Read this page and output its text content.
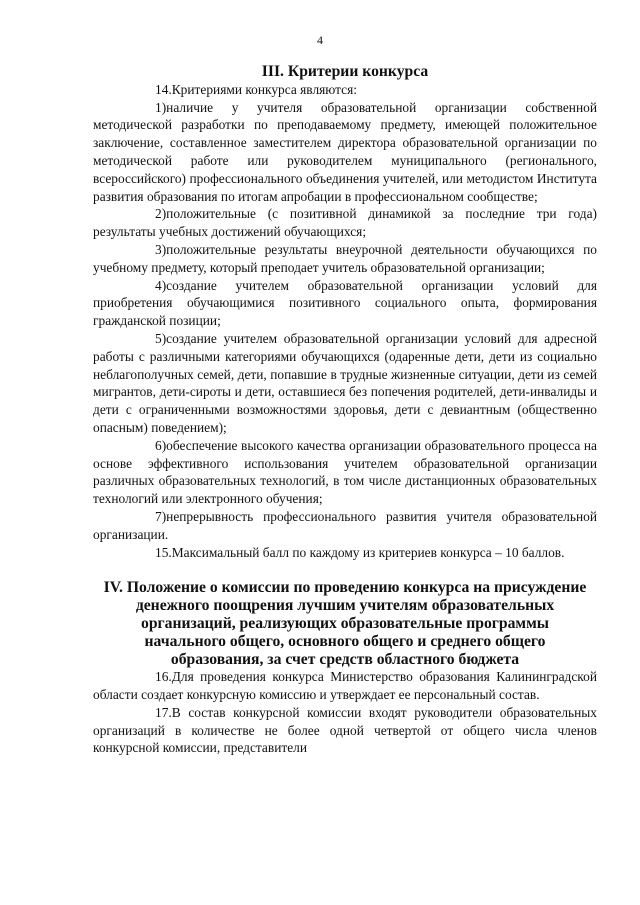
4
III. Критерии конкурса

14.Критериями конкурса являются:

1)наличие у учителя образовательной организации собственной методической разработки по преподаваемому предмету, имеющей положительное заключение, составленное заместителем директора образовательной организации по методической работе или руководителем муниципального (регионального, всероссийского) профессионального объединения учителей, или методистом Института развития образования по итогам апробации в профессиональном сообществе;

2)положительные (с позитивной динамикой за последние три года) результаты учебных достижений обучающихся;

3)положительные результаты внеурочной деятельности обучающихся по учебному предмету, который преподает учитель образовательной организации;

4)создание учителем образовательной организации условий для приобретения обучающимися позитивного социального опыта, формирования гражданской позиции;

5)создание учителем образовательной организации условий для адресной работы с различными категориями обучающихся (одаренные дети, дети из социально неблагополучных семей, дети, попавшие в трудные жизненные ситуации, дети из семей мигрантов, дети-сироты и дети, оставшиеся без попечения родителей, дети-инвалиды и дети с ограниченными возможностями здоровья, дети с девиантным (общественно опасным) поведением);

6)обеспечение высокого качества организации образовательного процесса на основе эффективного использования учителем образовательной организации различных образовательных технологий, в том числе дистанционных образовательных технологий или электронного обучения;

7)непрерывность профессионального развития учителя образовательной организации.

15.Максимальный балл по каждому из критериев конкурса – 10 баллов.

IV. Положение о комиссии по проведению конкурса на присуждение денежного поощрения лучшим учителям образовательных организаций, реализующих образовательные программы начального общего, основного общего и среднего общего образования, за счет средств областного бюджета

16.Для проведения конкурса Министерство образования Калининградской области создает конкурсную комиссию и утверждает ее персональный состав.

17.В состав конкурсной комиссии входят руководители образовательных организаций в количестве не более одной четвертой от общего числа членов конкурсной комиссии, представители
